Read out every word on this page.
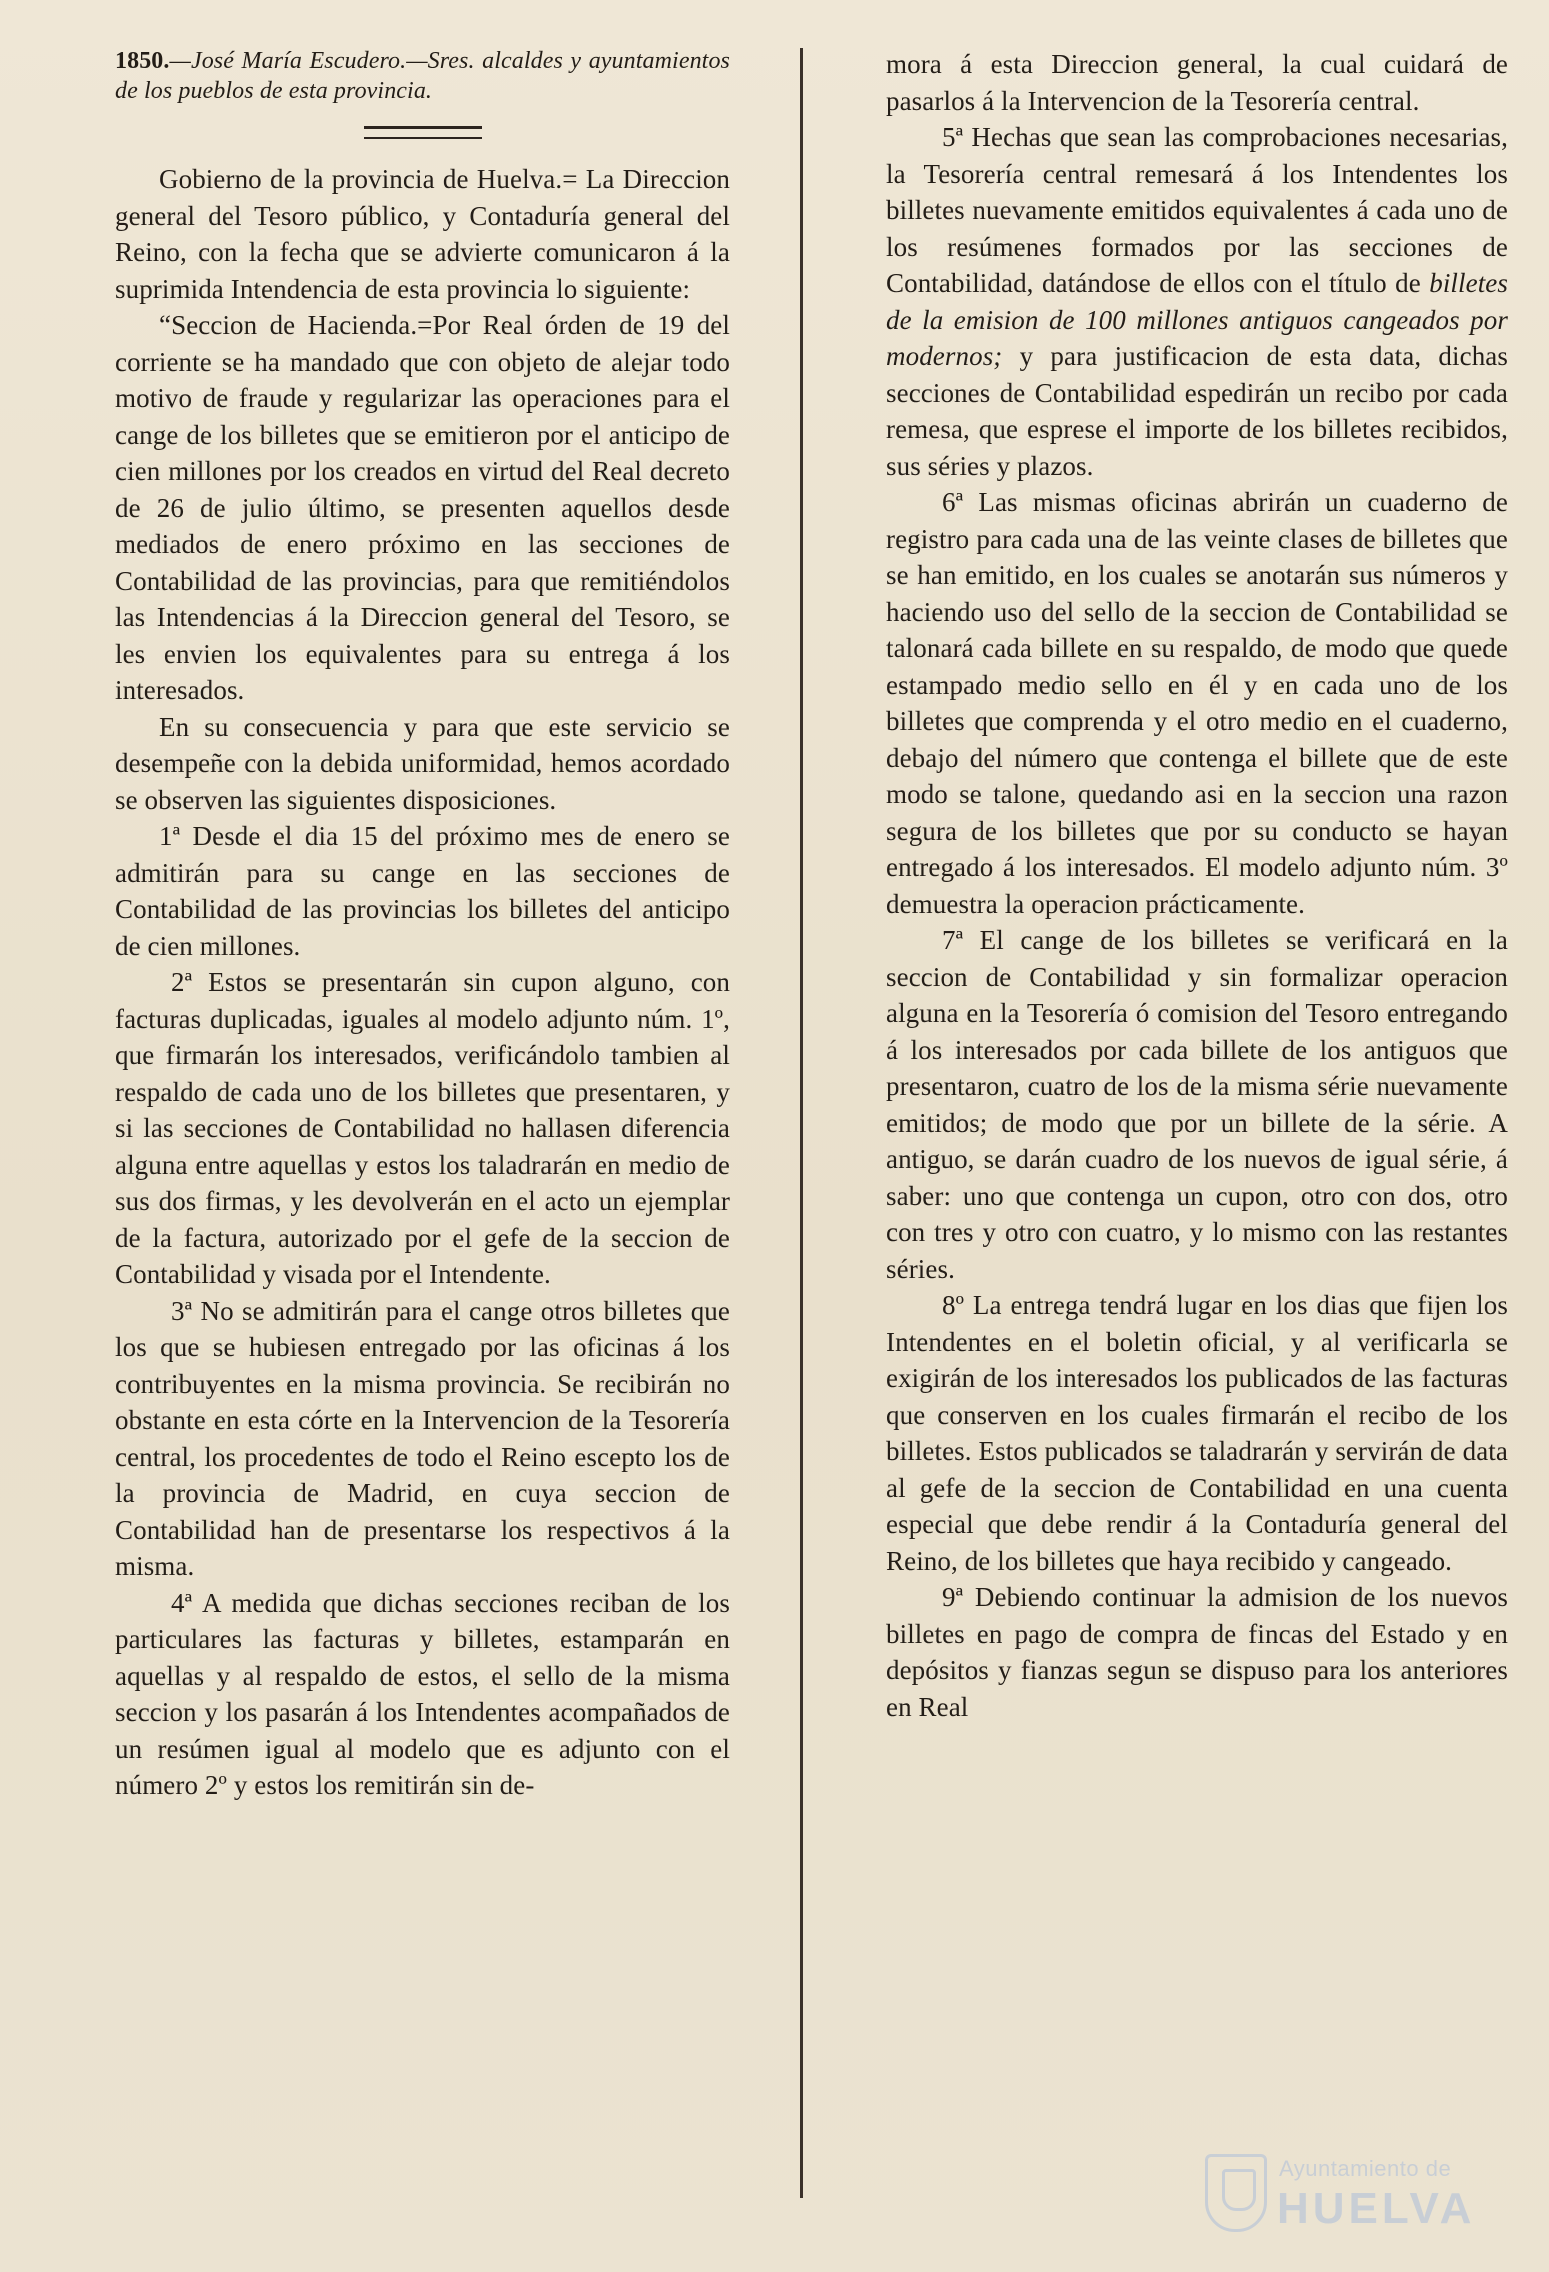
1850.—José María Escudero.—Sres. alcaldes y ayuntamientos de los pueblos de esta provincia.

Gobierno de la provincia de Huelva.= La Direccion general del Tesoro público, y Contaduría general del Reino, con la fecha que se advierte comunicaron á la suprimida Intendencia de esta provincia lo siguiente:

“Seccion de Hacienda.=Por Real órden de 19 del corriente se ha mandado que con objeto de alejar todo motivo de fraude y regularizar las operaciones para el cange de los billetes que se emitieron por el anticipo de cien millones por los creados en virtud del Real decreto de 26 de julio último, se presenten aquellos desde mediados de enero próximo en las secciones de Contabilidad de las provincias, para que remitiéndolos las Intendencias á la Direccion general del Tesoro, se les envien los equivalentes para su entrega á los interesados.

En su consecuencia y para que este servicio se desempeñe con la debida uniformidad, hemos acordado se observen las siguientes disposiciones.

1ª Desde el dia 15 del próximo mes de enero se admitirán para su cange en las secciones de Contabilidad de las provincias los billetes del anticipo de cien millones.

2ª Estos se presentarán sin cupon alguno, con facturas duplicadas, iguales al modelo adjunto núm. 1º, que firmarán los interesados, verificándolo tambien al respaldo de cada uno de los billetes que presentaren, y si las secciones de Contabilidad no hallasen diferencia alguna entre aquellas y estos los taladrarán en medio de sus dos firmas, y les devolverán en el acto un ejemplar de la factura, autorizado por el gefe de la seccion de Contabilidad y visada por el Intendente.

3ª No se admitirán para el cange otros billetes que los que se hubiesen entregado por las oficinas á los contribuyentes en la misma provincia. Se recibirán no obstante en esta córte en la Intervencion de la Tesorería central, los procedentes de todo el Reino escepto los de la provincia de Madrid, en cuya seccion de Contabilidad han de presentarse los respectivos á la misma.

4ª A medida que dichas secciones reciban de los particulares las facturas y billetes, estamparán en aquellas y al respaldo de estos, el sello de la misma seccion y los pasarán á los Intendentes acompañados de un resúmen igual al modelo que es adjunto con el número 2º y estos los remitirán sin de-

mora á esta Direccion general, la cual cuidará de pasarlos á la Intervencion de la Tesorería central.

5ª Hechas que sean las comprobaciones necesarias, la Tesorería central remesará á los Intendentes los billetes nuevamente emitidos equivalentes á cada uno de los resúmenes formados por las secciones de Contabilidad, datándose de ellos con el título de billetes de la emision de 100 millones antiguos cangeados por modernos; y para justificacion de esta data, dichas secciones de Contabilidad espedirán un recibo por cada remesa, que esprese el importe de los billetes recibidos, sus séries y plazos.

6ª Las mismas oficinas abrirán un cuaderno de registro para cada una de las veinte clases de billetes que se han emitido, en los cuales se anotarán sus números y haciendo uso del sello de la seccion de Contabilidad se talonará cada billete en su respaldo, de modo que quede estampado medio sello en él y en cada uno de los billetes que comprenda y el otro medio en el cuaderno, debajo del número que contenga el billete que de este modo se talone, quedando asi en la seccion una razon segura de los billetes que por su conducto se hayan entregado á los interesados. El modelo adjunto núm. 3º demuestra la operacion prácticamente.

7ª El cange de los billetes se verificará en la seccion de Contabilidad y sin formalizar operacion alguna en la Tesorería ó comision del Tesoro entregando á los interesados por cada billete de los antiguos que presentaron, cuatro de los de la misma série nuevamente emitidos; de modo que por un billete de la série. A antiguo, se darán cuadro de los nuevos de igual série, á saber: uno que contenga un cupon, otro con dos, otro con tres y otro con cuatro, y lo mismo con las restantes séries.

8º La entrega tendrá lugar en los dias que fijen los Intendentes en el boletin oficial, y al verificarla se exigirán de los interesados los publicados de las facturas que conserven en los cuales firmarán el recibo de los billetes. Estos publicados se taladrarán y servirán de data al gefe de la seccion de Contabilidad en una cuenta especial que debe rendir á la Contaduría general del Reino, de los billetes que haya recibido y cangeado.

9ª Debiendo continuar la admision de los nuevos billetes en pago de compra de fincas del Estado y en depósitos y fianzas segun se dispuso para los anteriores en Real

Ayuntamiento de
HUELVA
